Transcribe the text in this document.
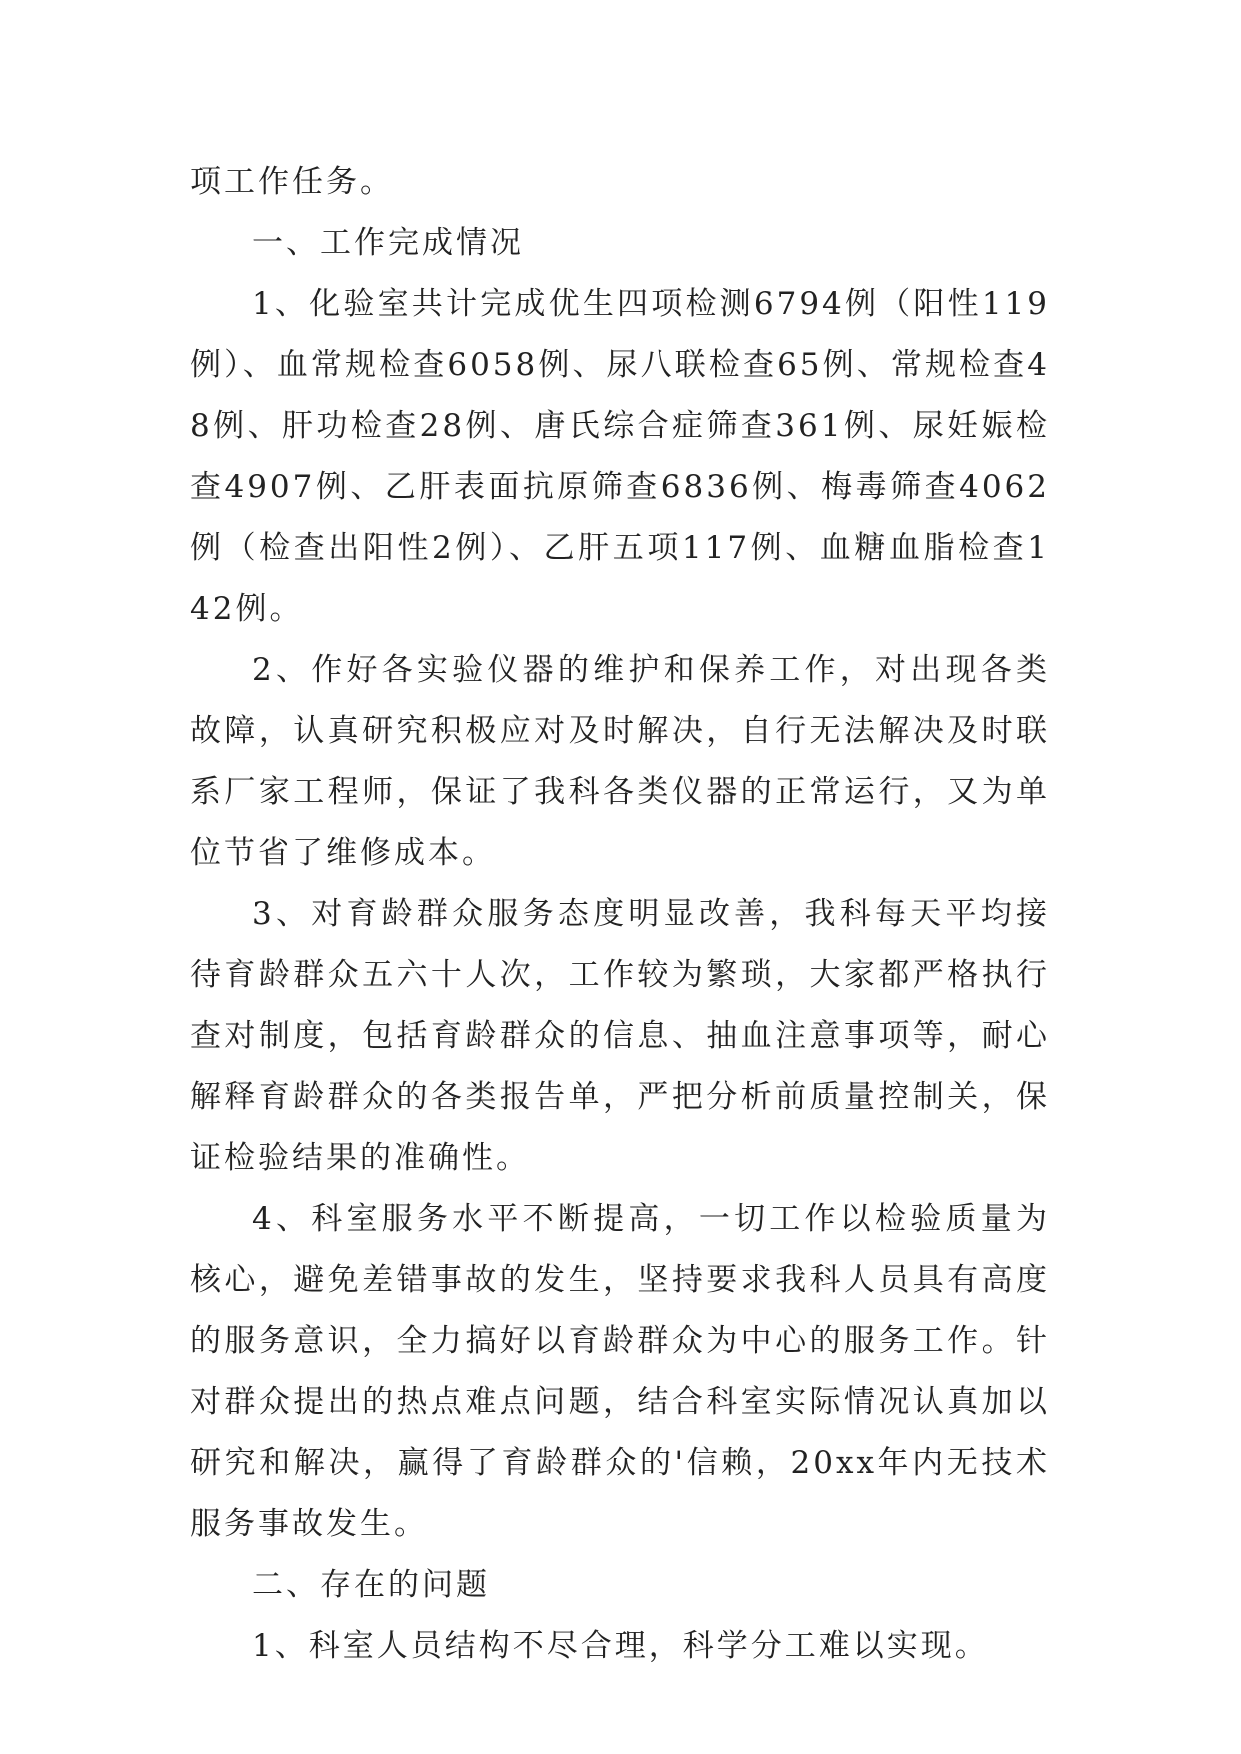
项工作任务。

一、工作完成情况

1、化验室共计完成优生四项检测6794例（阳性119例）、血常规检查6058例、尿八联检查65例、常规检查48例、肝功检查28例、唐氏综合症筛查361例、尿妊娠检查4907例、乙肝表面抗原筛查6836例、梅毒筛查4062例（检查出阳性2例）、乙肝五项117例、血糖血脂检查142例。

2、作好各实验仪器的维护和保养工作，对出现各类故障，认真研究积极应对及时解决，自行无法解决及时联系厂家工程师，保证了我科各类仪器的正常运行，又为单位节省了维修成本。

3、对育龄群众服务态度明显改善，我科每天平均接待育龄群众五六十人次，工作较为繁琐，大家都严格执行查对制度，包括育龄群众的信息、抽血注意事项等，耐心解释育龄群众的各类报告单，严把分析前质量控制关，保证检验结果的准确性。

4、科室服务水平不断提高，一切工作以检验质量为核心，避免差错事故的发生，坚持要求我科人员具有高度的服务意识，全力搞好以育龄群众为中心的服务工作。针对群众提出的热点难点问题，结合科室实际情况认真加以研究和解决，赢得了育龄群众的'信赖，20xx年内无技术服务事故发生。

二、存在的问题

1、科室人员结构不尽合理，科学分工难以实现。
